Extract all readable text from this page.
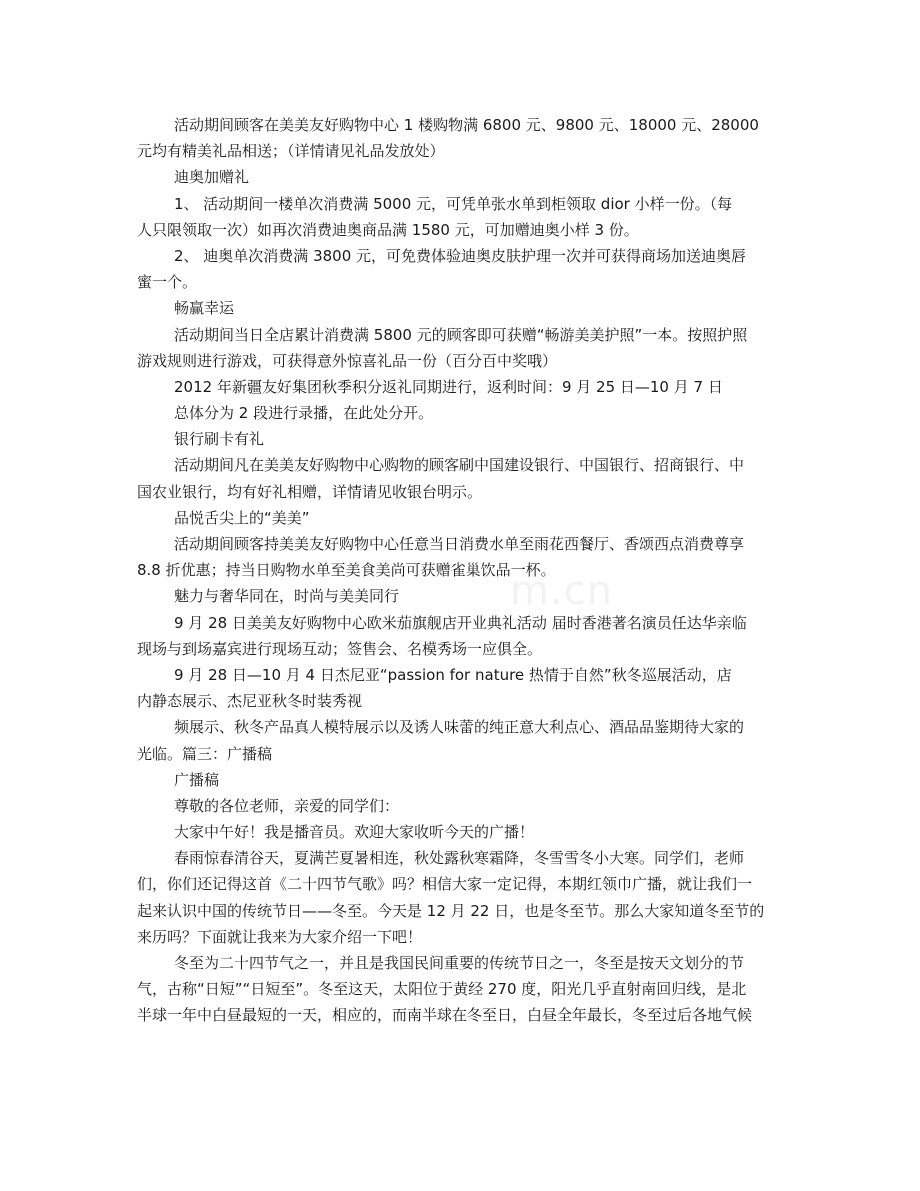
m.cn
活动期间顾客在美美友好购物中心 1 楼购物满 6800 元、9800 元、18000 元、28000
元均有精美礼品相送；（详情请见礼品发放处）
迪奥加赠礼
1、 活动期间一楼单次消费满 5000 元，可凭单张水单到柜领取 dior 小样一份。（每
人只限领取一次）如再次消费迪奥商品满 1580 元，可加赠迪奥小样 3 份。
2、 迪奥单次消费满 3800 元，可免费体验迪奥皮肤护理一次并可获得商场加送迪奥唇
蜜一个。
畅赢幸运
活动期间当日全店累计消费满 5800 元的顾客即可获赠“畅游美美护照”一本。按照护照
游戏规则进行游戏，可获得意外惊喜礼品一份（百分百中奖哦）
2012 年新疆友好集团秋季积分返礼同期进行，返利时间：9 月 25 日—10 月 7 日
总体分为 2 段进行录播，在此处分开。
银行刷卡有礼
活动期间凡在美美友好购物中心购物的顾客刷中国建设银行、中国银行、招商银行、中
国农业银行，均有好礼相赠，详情请见收银台明示。
品悦舌尖上的“美美”
活动期间顾客持美美友好购物中心任意当日消费水单至雨花西餐厅、香颂西点消费尊享
8.8 折优惠；持当日购物水单至美食美尚可获赠雀巢饮品一杯。
魅力与奢华同在，时尚与美美同行
9 月 28 日美美友好购物中心欧米茄旗舰店开业典礼活动 届时香港著名演员任达华亲临
现场与到场嘉宾进行现场互动；签售会、名模秀场一应俱全。
9 月 28 日—10 月 4 日杰尼亚“passion for nature 热情于自然”秋冬巡展活动，店
内静态展示、杰尼亚秋冬时装秀视
频展示、秋冬产品真人模特展示以及诱人味蕾的纯正意大利点心、酒品品鉴期待大家的
光临。篇三：广播稿
广播稿
尊敬的各位老师，亲爱的同学们：
大家中午好！我是播音员。欢迎大家收听今天的广播！
春雨惊春清谷天，夏满芒夏暑相连，秋处露秋寒霜降，冬雪雪冬小大寒。同学们，老师
们，你们还记得这首《二十四节气歌》吗？相信大家一定记得，本期红领巾广播，就让我们一
起来认识中国的传统节日——冬至。今天是 12 月 22 日，也是冬至节。那么大家知道冬至节的
来历吗？下面就让我来为大家介绍一下吧！
冬至为二十四节气之一，并且是我国民间重要的传统节日之一，冬至是按天文划分的节
气，古称“日短”“日短至”。冬至这天，太阳位于黄经 270 度，阳光几乎直射南回归线，是北
半球一年中白昼最短的一天，相应的，而南半球在冬至日，白昼全年最长，冬至过后各地气候
